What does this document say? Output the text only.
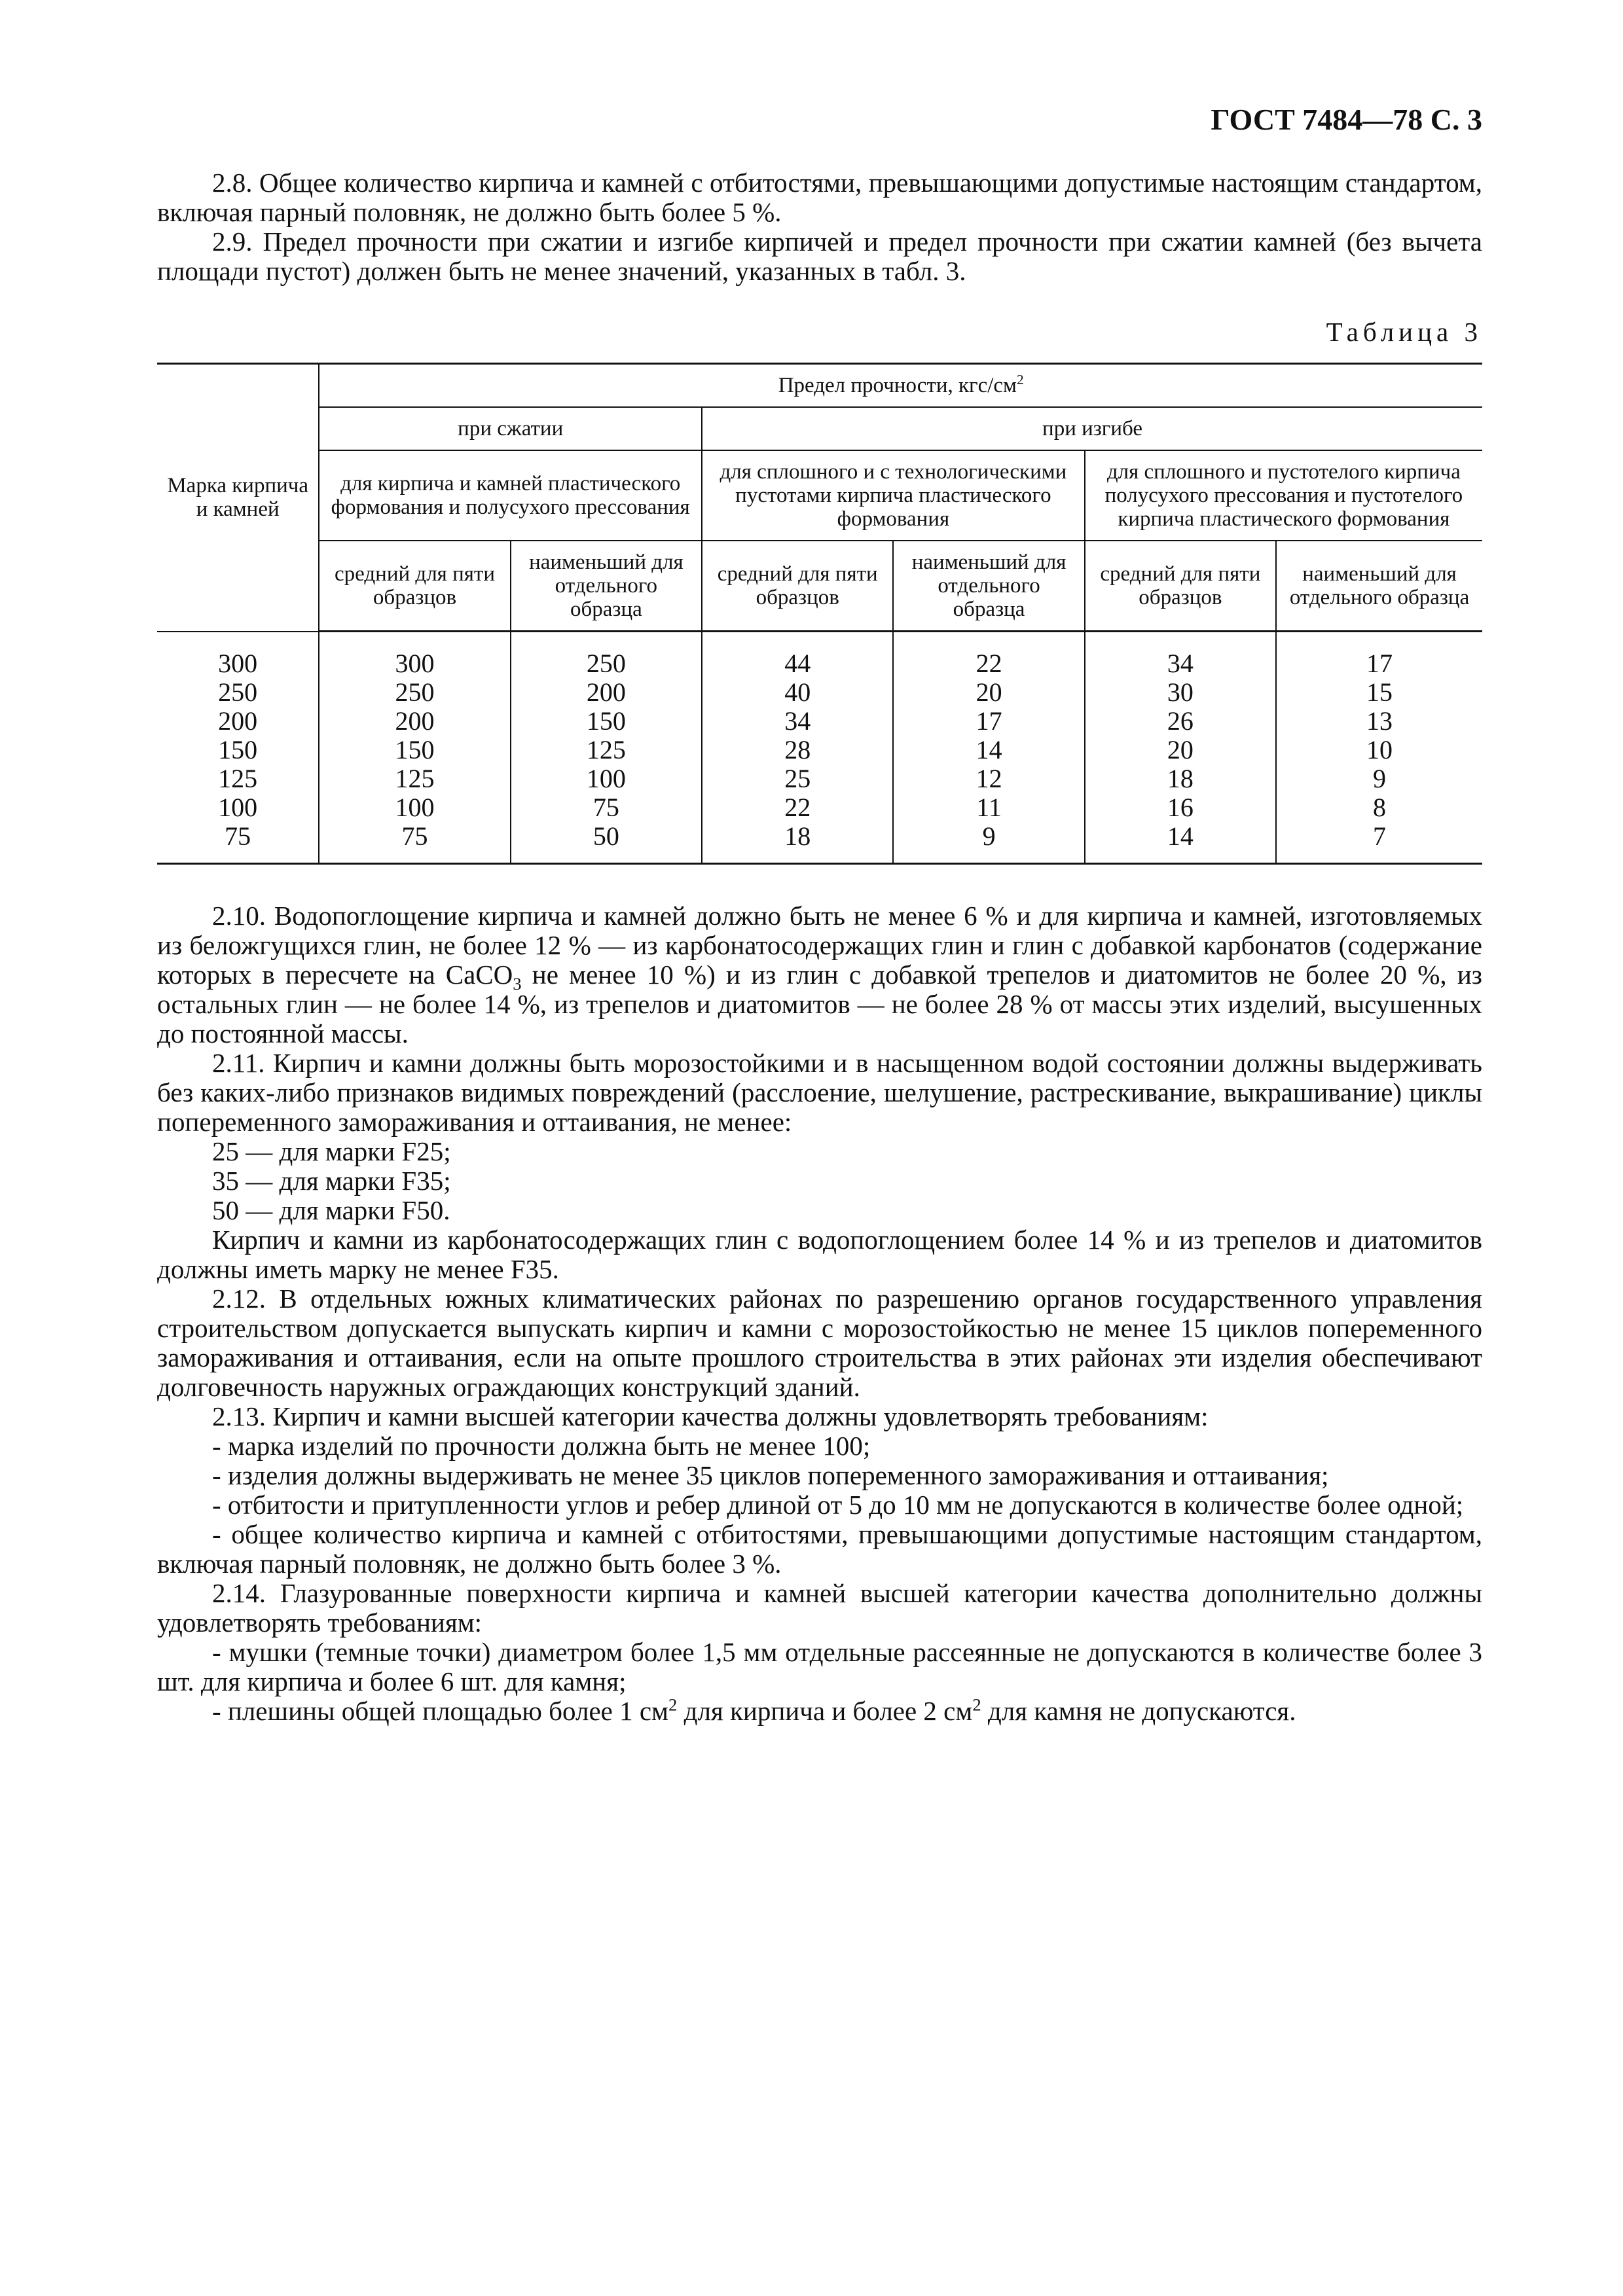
ГОСТ 7484—78 С. 3

2.8. Общее количество кирпича и камней с отбитостями, превышающими допустимые настоящим стандартом, включая парный половняк, не должно быть более 5 %.

2.9. Предел прочности при сжатии и изгибе кирпичей и предел прочности при сжатии камней (без вычета площади пустот) должен быть не менее значений, указанных в табл. 3.

Таблица 3
Марка кирпича и камней	Предел прочности, кгс/$см^2$
	при сжатии		при изгибе			
	для кирпича и камней пластического формования и полусухого прессования		для сплошного и с технологическими пустотами кирпича пластического формования		для сплошного и пустотелого кирпича полусухого прессования и пустотелого кирпича пластического формования	
	средний для пяти образцов	наименьший для отдельного образца	средний для пяти образцов	наименьший для отдельного образца	средний для пяти образцов	наименьший для отдельного образца
300	300	250	44	22	34	17
250	250	200	40	20	30	15
200	200	150	34	17	26	13
150	150	125	28	14	20	10
125	125	100	25	12	18	9
100	100	75	22	11	16	8
75	75	50	18	9	14	7

2.10. Водопоглощение кирпича и камней должно быть не менее 6 % и для кирпича и камней, изготовляемых из беложгущихся глин, не более 12 % — из карбонатосодержащих глин и глин с добавкой карбонатов (содержание которых в пересчете на CaCO$_3$ не менее 10 %) и из глин с добавкой трепелов и диатомитов не более 20 %, из остальных глин — не более 14 %, из трепелов и диатомитов — не более 28 % от массы этих изделий, высушенных до постоянной массы.

2.11. Кирпич и камни должны быть морозостойкими и в насыщенном водой состоянии должны выдерживать без каких-либо признаков видимых повреждений (расслоение, шелушение, растрескивание, выкрашивание) циклы попеременного замораживания и оттаивания, не менее:

25 — для марки F25;

35 — для марки F35;

50 — для марки F50.

Кирпич и камни из карбонатосодержащих глин с водопоглощением более 14 % и из трепелов и диатомитов должны иметь марку не менее F35.

2.12. В отдельных южных климатических районах по разрешению органов государственного управления строительством допускается выпускать кирпич и камни с морозостойкостью не менее 15 циклов попеременного замораживания и оттаивания, если на опыте прошлого строительства в этих районах эти изделия обеспечивают долговечность наружных ограждающих конструкций зданий.

2.13. Кирпич и камни высшей категории качества должны удовлетворять требованиям:

- марка изделий по прочности должна быть не менее 100;

- изделия должны выдерживать не менее 35 циклов попеременного замораживания и оттаивания;

- отбитости и притупленности углов и ребер длиной от 5 до 10 мм не допускаются в количестве более одной;

- общее количество кирпича и камней с отбитостями, превышающими допустимые настоящим стандартом, включая парный половняк, не должно быть более 3 %.

2.14. Глазурованные поверхности кирпича и камней высшей категории качества дополнительно должны удовлетворять требованиям:

- мушки (темные точки) диаметром более 1,5 мм отдельные рассеянные не допускаются в количестве более 3 шт. для кирпича и более 6 шт. для камня;

- плешины общей площадью более 1 $см^2$ для кирпича и более 2 $см^2$ для камня не допускаются.
